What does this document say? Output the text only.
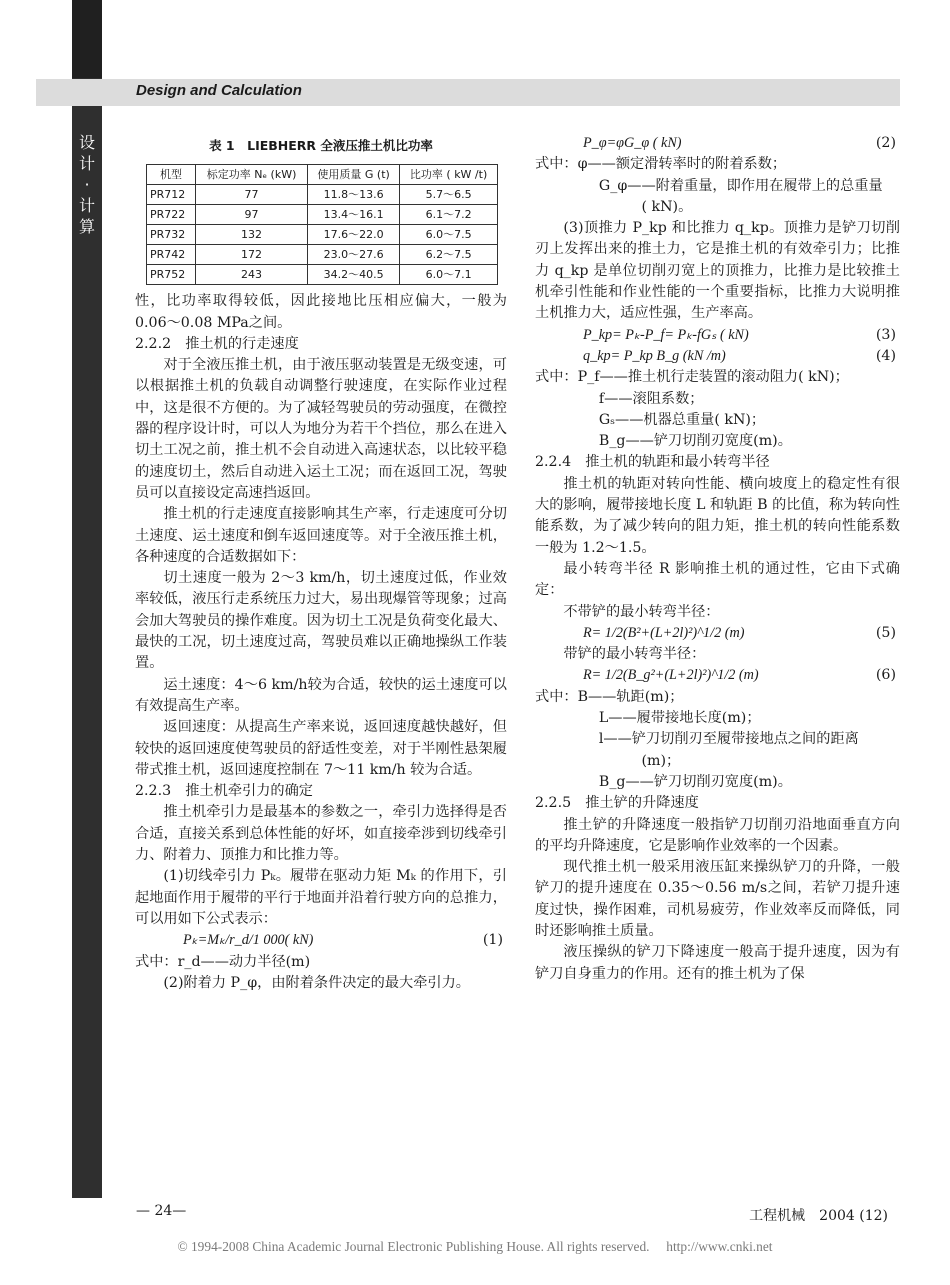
设
计
·
计
算
Design and Calculation
表 1　LIEBHERR 全液压推土机比功率
机型	标定功率 Nₑ (kW)	使用质量 G (t)	比功率 ( kW /t)
PR712	77	11.8～13.6	5.7～6.5
PR722	97	13.4～16.1	6.1～7.2
PR732	132	17.6～22.0	6.0～7.5
PR742	172	23.0～27.6	6.2～7.5
PR752	243	34.2～40.5	6.0～7.1

性，比功率取得较低，因此接地比压相应偏大，一般为 0.06～0.08 MPa之间。

2.2.2　推土机的行走速度

对于全液压推土机，由于液压驱动装置是无级变速，可以根据推土机的负载自动调整行驶速度，在实际作业过程中，这是很不方便的。为了减轻驾驶员的劳动强度，在微控器的程序设计时，可以人为地分为若干个挡位，那么在进入切土工况之前，推土机不会自动进入高速状态，以比较平稳的速度切土，然后自动进入运土工况；而在返回工况，驾驶员可以直接设定高速挡返回。

推土机的行走速度直接影响其生产率，行走速度可分切土速度、运土速度和倒车返回速度等。对于全液压推土机，各种速度的合适数据如下：

切土速度一般为 2～3 km/h，切土速度过低，作业效率较低，液压行走系统压力过大，易出现爆管等现象；过高会加大驾驶员的操作难度。因为切土工况是负荷变化最大、最快的工况，切土速度过高，驾驶员难以正确地操纵工作装置。

运土速度：4～6 km/h较为合适，较快的运土速度可以有效提高生产率。

返回速度：从提高生产率来说，返回速度越快越好，但较快的返回速度使驾驶员的舒适性变差，对于半刚性悬架履带式推土机，返回速度控制在 7～11 km/h 较为合适。

2.2.3　推土机牵引力的确定

推土机牵引力是最基本的参数之一，牵引力选择得是否合适，直接关系到总体性能的好坏，如直接牵涉到切线牵引力、附着力、顶推力和比推力等。

(1)切线牵引力 Pₖ。履带在驱动力矩 Mₖ 的作用下，引起地面作用于履带的平行于地面并沿着行驶方向的总推力，可以用如下公式表示：

Pₖ=Mₖ/r_d/1 000( kN)	(1)

式中：r_d——动力半径(m)

(2)附着力 P_φ，由附着条件决定的最大牵引力。

P_φ=φG_φ ( kN)	(2)

式中：φ——额定滑转率时的附着系数；

G_φ——附着重量，即作用在履带上的总重量

( kN)。

(3)顶推力 P_kp 和比推力 q_kp。顶推力是铲刀切削刃上发挥出来的推土力，它是推土机的有效牵引力；比推力 q_kp 是单位切削刃宽上的顶推力，比推力是比较推土机牵引性能和作业性能的一个重要指标，比推力大说明推土机推力大，适应性强，生产率高。

P_kp= Pₖ-P_f= Pₖ-fGₛ ( kN)	(3)
q_kp= P_kp B_g (kN /m)	(4)

式中：P_f——推土机行走装置的滚动阻力( kN)；

f——滚阻系数；

Gₛ——机器总重量( kN)；

B_g——铲刀切削刃宽度(m)。

2.2.4　推土机的轨距和最小转弯半径

推土机的轨距对转向性能、横向坡度上的稳定性有很大的影响，履带接地长度 L 和轨距 B 的比值，称为转向性能系数，为了减少转向的阻力矩，推土机的转向性能系数一般为 1.2～1.5。

最小转弯半径 R 影响推土机的通过性，它由下式确定：

不带铲的最小转弯半径：

R= 1/2(B²+(L+2l)²)^1/2 (m)	(5)

带铲的最小转弯半径：

R= 1/2(B_g²+(L+2l)²)^1/2 (m)	(6)

式中：B——轨距(m)；

L——履带接地长度(m)；

l——铲刀切削刃至履带接地点之间的距离

(m)；

B_g——铲刀切削刃宽度(m)。

2.2.5　推土铲的升降速度

推土铲的升降速度一般指铲刀切削刃沿地面垂直方向的平均升降速度，它是影响作业效率的一个因素。

现代推土机一般采用液压缸来操纵铲刀的升降，一般铲刀的提升速度在 0.35～0.56 m/s之间，若铲刀提升速度过快，操作困难，司机易疲劳，作业效率反而降低，同时还影响推土质量。

液压操纵的铲刀下降速度一般高于提升速度，因为有铲刀自身重力的作用。还有的推土机为了保

— 24—	工程机械　2004 (12)
© 1994-2008 China Academic Journal Electronic Publishing House. All rights reserved.　 http://www.cnki.net
